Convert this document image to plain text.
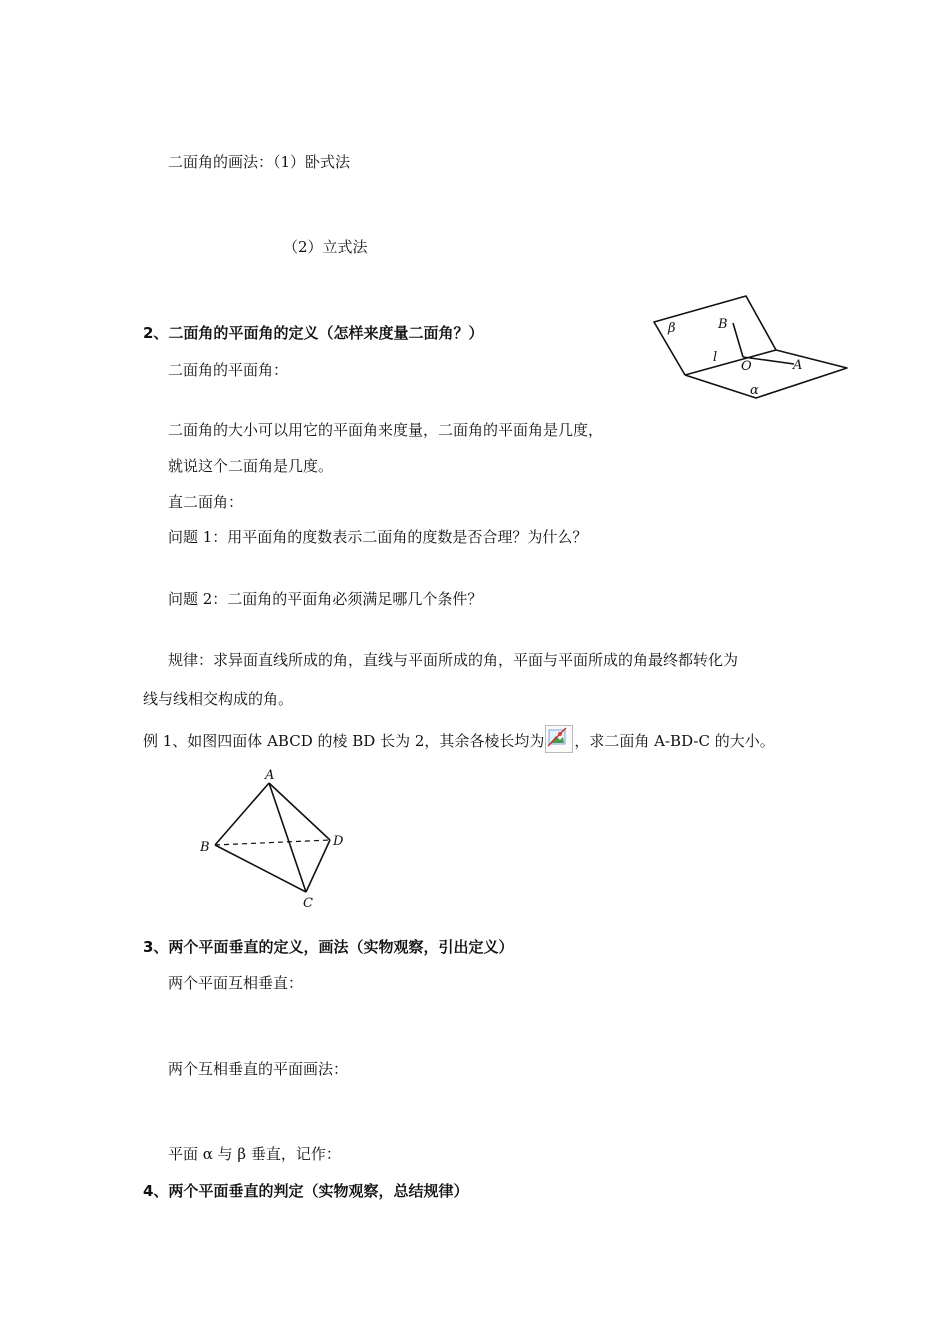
二面角的画法：（1）卧式法
（2）立式法
2、二面角的平面角的定义（怎样来度量二面角？）
二面角的平面角：
二面角的大小可以用它的平面角来度量，二面角的平面角是几度，
就说这个二面角是几度。
直二面角：
问题 1：用平面角的度数表示二面角的度数是否合理？为什么？
问题 2：二面角的平面角必须满足哪几个条件？
规律：求异面直线所成的角，直线与平面所成的角，平面与平面所成的角最终都转化为
线与线相交构成的角。
例 1、如图四面体 ABCD 的棱 BD 长为 2，其余各棱长均为 ，求二面角 A-BD-C 的大小。
3、两个平面垂直的定义，画法（实物观察，引出定义）
两个平面互相垂直：
两个互相垂直的平面画法：
平面 α 与 β 垂直，记作：
4、两个平面垂直的判定（实物观察，总结规律）
β	B
l
O	A
α
A
B	D
C
